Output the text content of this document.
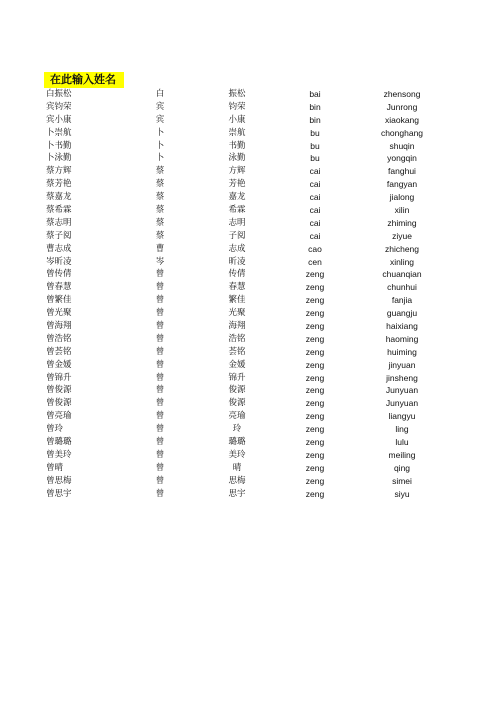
在此输入姓名
白振松	白	振松	bai	zhensong
宾钧荣	宾	钧荣	bin	Junrong
宾小康	宾	小康	bin	xiaokang
卜崇航	卜	崇航	bu	chonghang
卜书勤	卜	书勤	bu	shuqin
卜泳勤	卜	泳勤	bu	yongqin
蔡方辉	蔡	方辉	cai	fanghui
蔡芳艳	蔡	芳艳	cai	fangyan
蔡嘉龙	蔡	嘉龙	cai	jialong
蔡希霖	蔡	希霖	cai	xilin
蔡志明	蔡	志明	cai	zhiming
蔡子阅	蔡	子阅	cai	ziyue
曹志成	曹	志成	cao	zhicheng
岑昕凌	岑	昕凌	cen	xinling
曾传倩	曾	传倩	zeng	chuanqian
曾春慧	曾	春慧	zeng	chunhui
曾繁佳	曾	繁佳	zeng	fanjia
曾光聚	曾	光聚	zeng	guangju
曾海翔	曾	海翔	zeng	haixiang
曾浩铭	曾	浩铭	zeng	haoming
曾荟铭	曾	荟铭	zeng	huiming
曾金媛	曾	金媛	zeng	jinyuan
曾锦升	曾	锦升	zeng	jinsheng
曾俊源	曾	俊源	zeng	Junyuan
曾俊源	曾	俊源	zeng	Junyuan
曾亮瑜	曾	亮瑜	zeng	liangyu
曾玲	曾	玲	zeng	ling
曾璐璐	曾	璐璐	zeng	lulu
曾美玲	曾	美玲	zeng	meiling
曾晴	曾	晴	zeng	qing
曾思梅	曾	思梅	zeng	simei
曾思宇	曾	思宇	zeng	siyu
